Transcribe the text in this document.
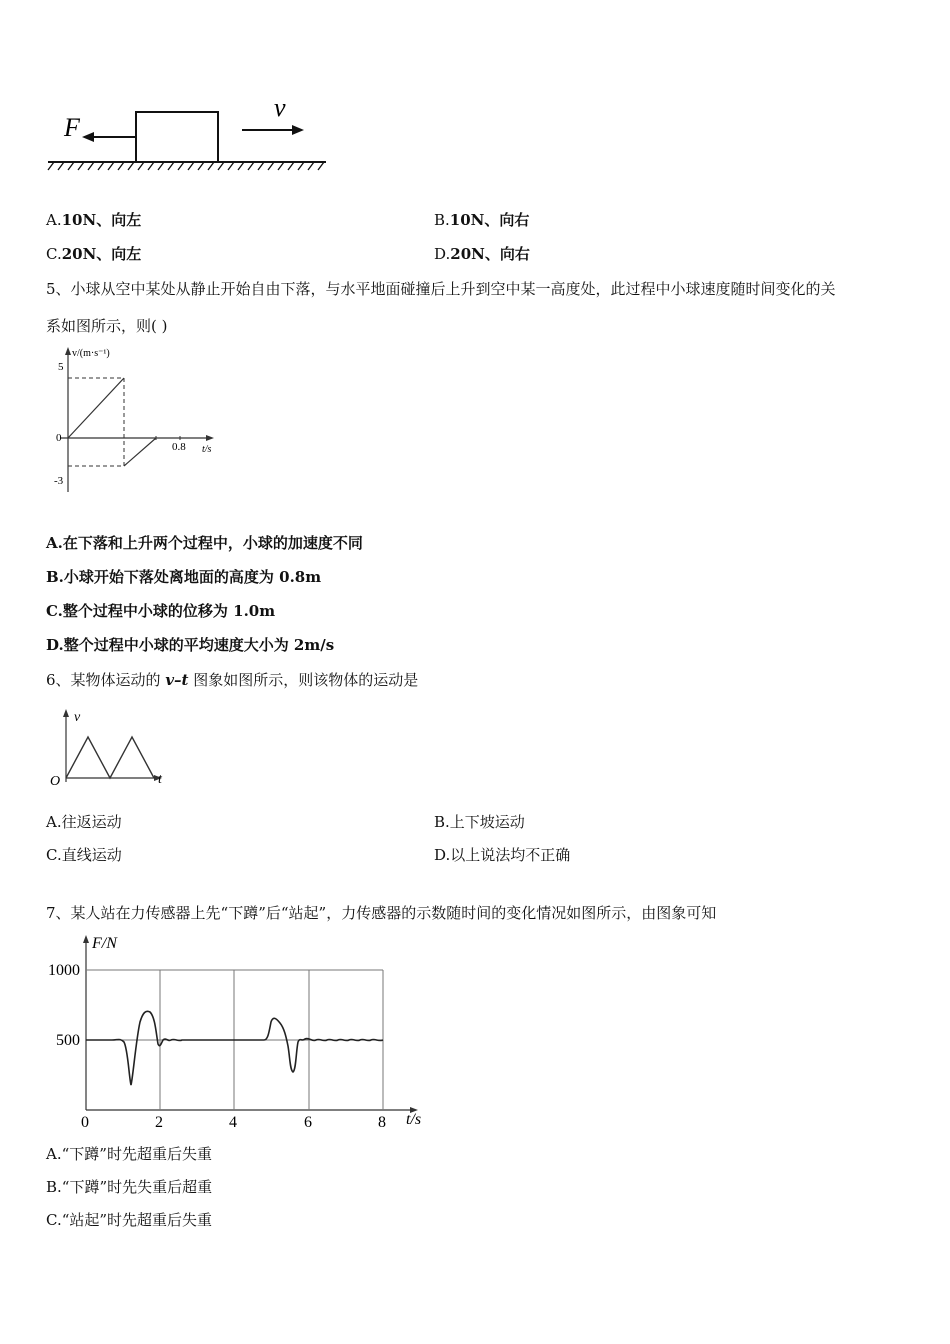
F
v
A.10N、向左	B.10N、向右
C.20N、向左	D.20N、向右
5、小球从空中某处从静止开始自由下落，与水平地面碰撞后上升到空中某一高度处，此过程中小球速度随时间变化的关
系如图所示，则( )
v/(m·s⁻¹)
5
0
-3
0.8 t/s
A.在下落和上升两个过程中，小球的加速度不同
B.小球开始下落处离地面的高度为 0.8m
C.整个过程中小球的位移为 1.0m
D.整个过程中小球的平均速度大小为 2m/s
6、某物体运动的 v–t 图象如图所示，则该物体的运动是
v
t
O
A.往返运动	B.上下坡运动
C.直线运动	D.以上说法均不正确
7、某人站在力传感器上先“下蹲”后“站起”，力传感器的示数随时间的变化情况如图所示，由图象可知
F/N
1000
500
0	2	4	6	8 t/s
A.“下蹲”时先超重后失重
B.“下蹲”时先失重后超重
C.“站起”时先超重后失重
